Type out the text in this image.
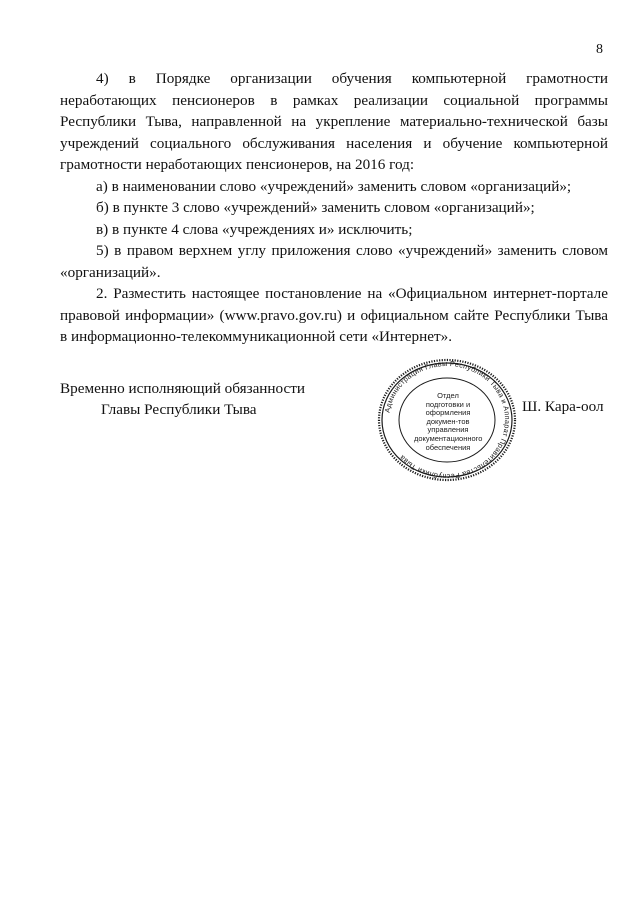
8

4) в Порядке организации обучения компьютерной грамотности неработающих пенсионеров в рамках реализации социальной программы Республики Тыва, направленной на укрепление материально-технической базы учреждений социального обслуживания населения и обучение компьютерной грамотности неработающих пенсионеров, на 2016 год:

а) в наименовании слово «учреждений» заменить словом «организаций»;

б) в пункте 3 слово «учреждений» заменить словом «организаций»;

в) в пункте 4 слова «учреждениях и» исключить;

5) в правом верхнем углу приложения слово «учреждений» заменить словом «организаций».

2. Разместить настоящее постановление на «Официальном интернет-портале правовой информации» (www.pravo.gov.ru) и официальном сайте Республики Тыва в информационно-телекоммуникационной сети «Интернет».

Временно исполняющий обязанности
Главы Республики Тыва	Администрация Главы Республики Тыва и Аппарат Правительства Республики Тыва
Отдел
подготовки и
оформления докумен-тов
управления
документационного
обеспечения
Ш. Кара-оол
